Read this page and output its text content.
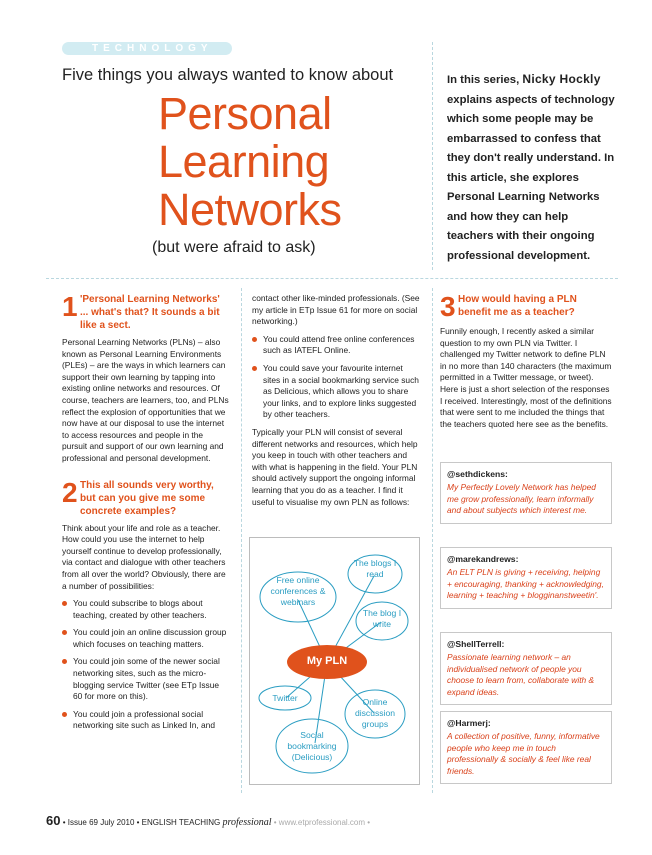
TECHNOLOGY
Five things you always wanted to know about
Personal
Learning
Networks
(but were afraid to ask)
In this series, Nicky Hockly explains aspects of technology which some people may be embarrassed to confess that they don't really understand. In this article, she explores Personal Learning Networks and how they can help teachers with their ongoing professional development.
1 'Personal Learning Networks' ... what's that? It sounds a bit like a sect.
Personal Learning Networks (PLNs) – also known as Personal Learning Environments (PLEs) – are the ways in which learners can support their own learning by tapping into existing online networks and resources. Of course, teachers are learners, too, and PLNs reflect the explosion of opportunities that we now have at our disposal to use the internet to access resources and people in the pursuit and support of our own learning and professional and personal development.
2 This all sounds very worthy, but can you give me some concrete examples?
Think about your life and role as a teacher. How could you use the internet to help yourself continue to develop professionally, via contact and dialogue with other teachers from all over the world? Obviously, there are a number of possibilities:
You could subscribe to blogs about teaching, created by other teachers.
You could join an online discussion group which focuses on teaching matters.
You could join some of the newer social networking sites, such as the micro-blogging service Twitter (see ETp Issue 60 for more on this).
You could join a professional social networking site such as Linked In, and
contact other like-minded professionals. (See my article in ETp Issue 61 for more on social networking.)
You could attend free online conferences such as IATEFL Online.
You could save your favourite internet sites in a social bookmarking service such as Delicious, which allows you to share your links, and to explore links suggested by other teachers.
Typically your PLN will consist of several different networks and resources, which help you keep in touch with other teachers and with what is happening in the field. Your PLN should actively support the ongoing informal learning that you do as a teacher. I find it useful to visualise my own PLN as follows:
My PLN
Free online conferences & webinars
The blogs I read
The blog I write
Twitter	Online discussion groups
Social bookmarking (Delicious)
3 How would having a PLN benefit me as a teacher?
Funnily enough, I recently asked a similar question to my own PLN via Twitter. I challenged my Twitter network to define PLN in no more than 140 characters (the maximum permitted in a Twitter message, or tweet). Here is just a short selection of the responses I received. Interestingly, most of the definitions that were sent to me included the things that the teachers quoted here see as the benefits.
@sethdickens:
My Perfectly Lovely Network has helped me grow professionally, learn informally and about subjects which interest me.
@marekandrews:
An ELT PLN is giving + receiving, helping + encouraging, thanking + acknowledging, learning + teaching + blogginanstweetin'.
@ShellTerrell:
Passionate learning network – an individualised network of people you choose to learn from, collaborate with & expand ideas.
@Harmerj:
A collection of positive, funny, informative people who keep me in touch professionally & socially & feel like real friends.
60 • Issue 69 July 2010 • ENGLISH TEACHING professional • www.etprofessional.com •
